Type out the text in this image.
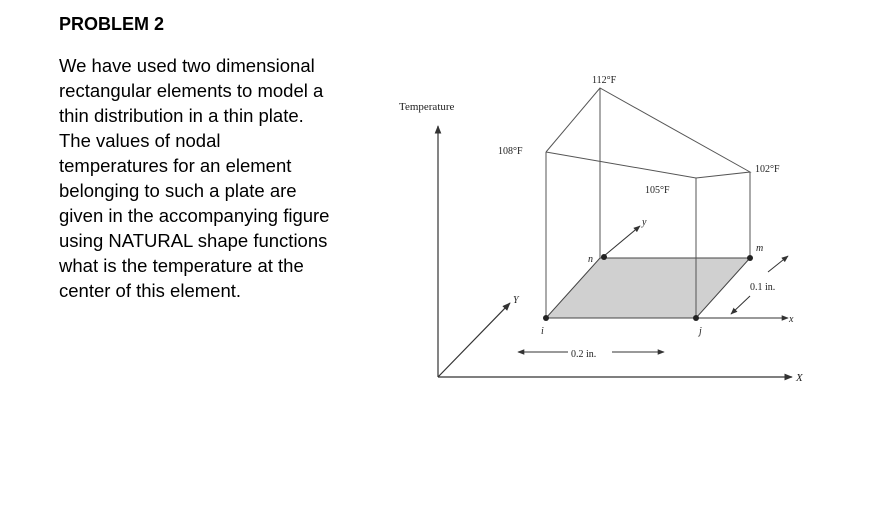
PROBLEM 2
We have used two dimensional
rectangular elements to model a
thin distribution in a thin plate.
The values of nodal
temperatures for an element
belonging to such a plate are
given in the accompanying figure
using NATURAL shape functions
what is the temperature at the
center of this element.
Temperature
X
Y
x
y
i	j
m
n
108°F
112°F
102°F
105°F
0.2 in.
0.1 in.
